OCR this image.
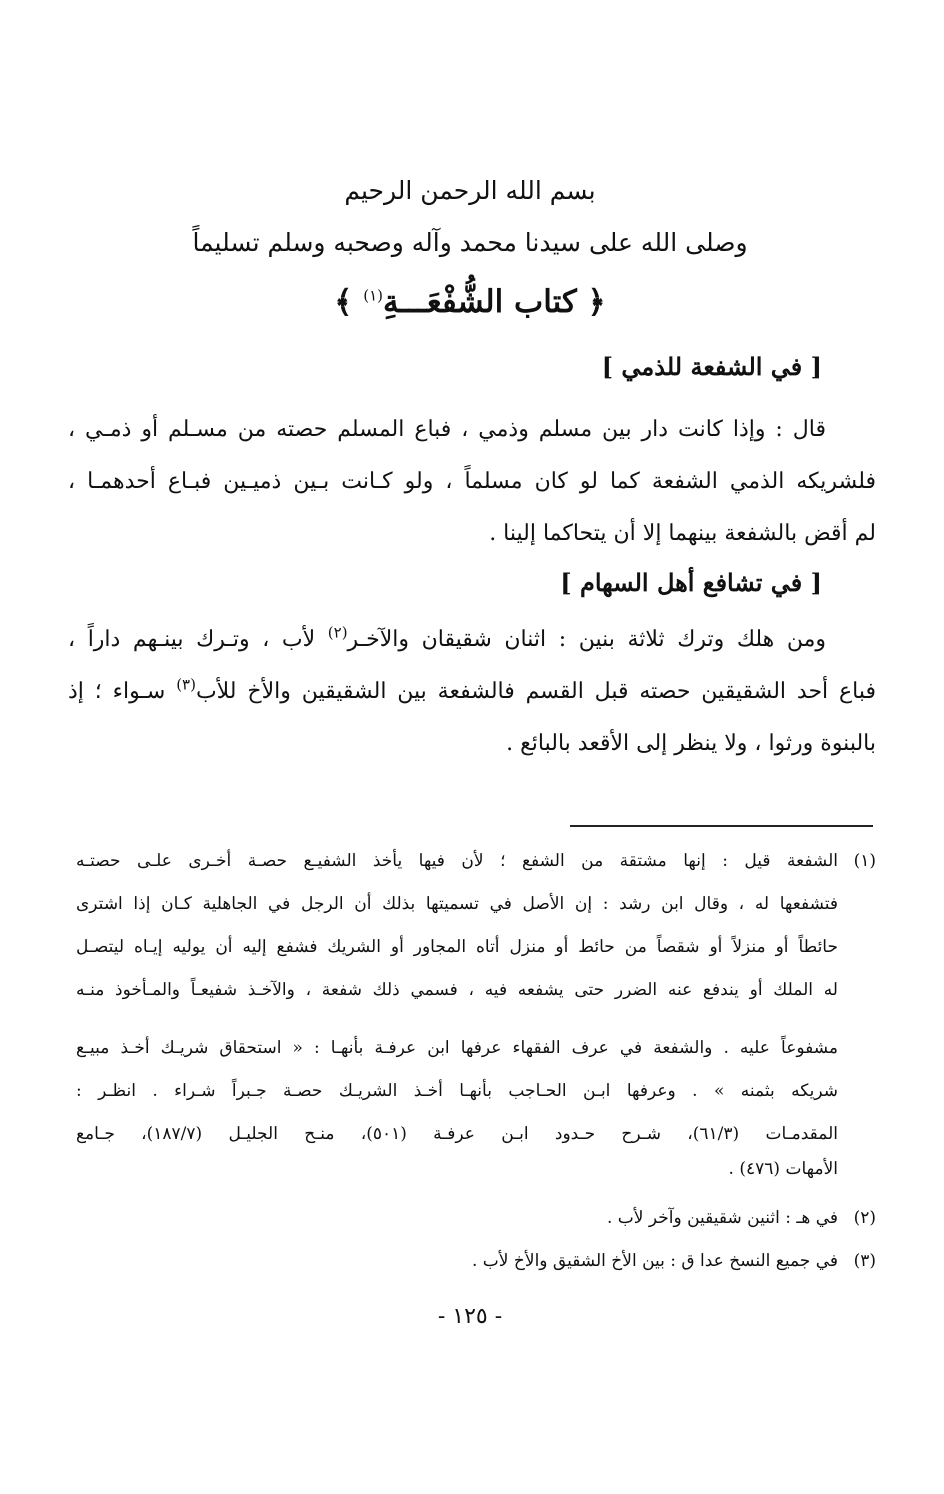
بسم الله الرحمن الرحيم
وصلى الله على سيدنا محمد وآله وصحبه وسلم تسليماً
﴿ كتاب الشُّفْعَـــةِ$^{(١)}$ ﴾
[ في الشفعة للذمي ]
قال : وإذا كانت دار بين مسلم وذمي ، فباع المسلم حصته من مسـلم أو ذمـي ،
فلشريكه الذمي الشفعة كما لو كان مسلماً ، ولو كـانت بـين ذميـين فبـاع أحدهمـا ،
لم أقض بالشفعة بينهما إلا أن يتحاكما إلينا .
[ في تشافع أهل السهام ]
ومن هلك وترك ثلاثة بنين : اثنان شقيقان والآخـر$^{(٢)}$ لأب ، وتـرك بينـهم داراً ،
فباع أحد الشقيقين حصته قبل القسم فالشفعة بين الشقيقين والأخ للأب$^{(٣)}$ سـواء ؛ إذ
بالبنوة ورثوا ، ولا ينظر إلى الأقعد بالبائع .
(١)
الشفعة قيل : إنها مشتقة من الشفع ؛ لأن فيها يأخذ الشفيـع حصـة أخـرى علـى حصتـه
فتشفعها له ، وقال ابن رشد : إن الأصل في تسميتها بذلك أن الرجل في الجاهلية كـان إذا اشترى
حائطاً أو منزلاً أو شقصاً من حائط أو منزل أتاه المجاور أو الشريك فشفع إليه أن يوليه إيـاه ليتصـل
له الملك أو يندفع عنه الضرر حتى يشفعه فيه ، فسمي ذلك شفعة ، والآخـذ شفيعـاً والمـأخوذ منـه
مشفوعاً عليه . والشفعة في عرف الفقهاء عرفها ابن عرفـة بأنهـا : « استحقاق شريـك أخـذ مبيـع
شريكه بثمنه » . وعرفها ابـن الحـاجب بأنهـا أخـذ الشريـك حصـة جـبراً شـراء . انظـر :
المقدمـات (٦١/٣)، شـرح حـدود ابـن عرفـة (٥٠١)، منـح الجليـل (١٨٧/٧)، جـامع
الأمهات (٤٧٦) .
(٢)
في هـ : اثنين شقيقين وآخر لأب .
(٣)
في جميع النسخ عدا ق : بين الأخ الشقيق والأخ لأب .
- ١٢٥ -
